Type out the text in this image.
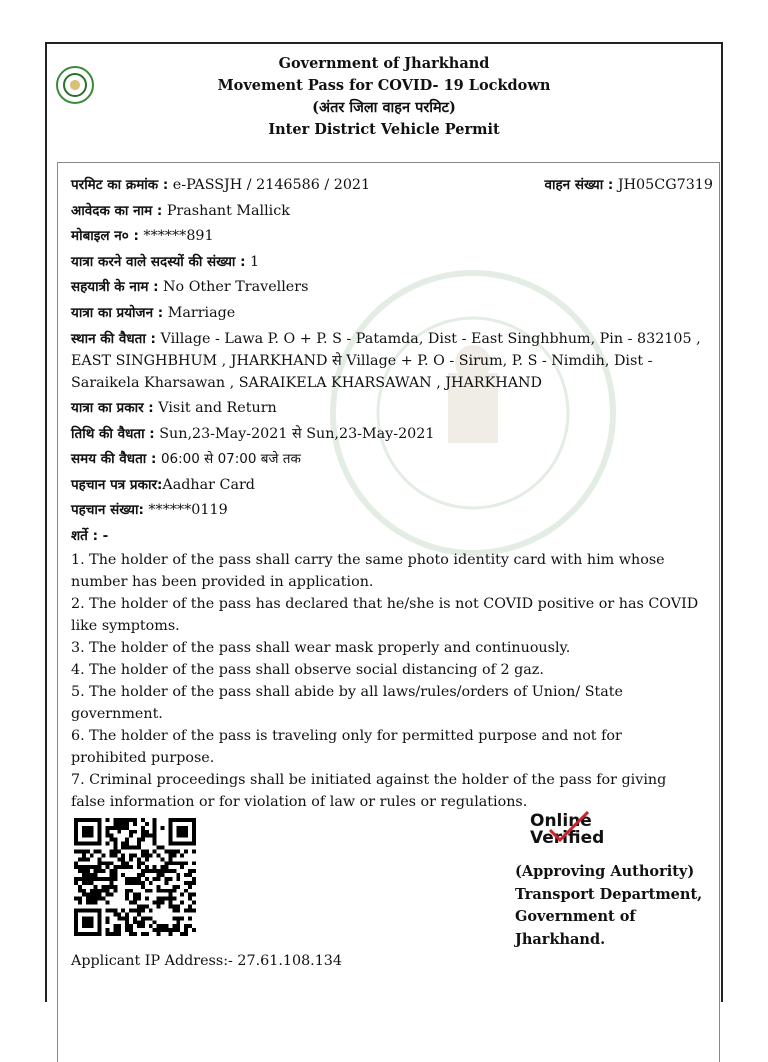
Government of Jharkhand
Movement Pass for COVID- 19 Lockdown
(अंतर जिला वाहन परमिट)
Inter District Vehicle Permit
वाहन संख्या : JH05CG7319
परमिट का क्रमांक : e-PASSJH / 2146586 / 2021
आवेदक का नाम : Prashant Mallick
मोबाइल न० : ******891
यात्रा करने वाले सदस्यों की संख्या : 1
सहयात्री के नाम : No Other Travellers
यात्रा का प्रयोजन : Marriage
स्थान की वैधता : Village - Lawa P. O + P. S - Patamda, Dist - East Singhbhum, Pin - 832105 , EAST SINGHBHUM , JHARKHAND से Village + P. O - Sirum, P. S - Nimdih, Dist - Saraikela Kharsawan , SARAIKELA KHARSAWAN , JHARKHAND
यात्रा का प्रकार : Visit and Return
तिथि की वैधता : Sun,23-May-2021 से Sun,23-May-2021
समय की वैधता : 06:00 से 07:00 बजे तक
पहचान पत्र प्रकार:Aadhar Card
पहचान संख्या: ******0119
शर्ते : -
1. The holder of the pass shall carry the same photo identity card with him whose number has been provided in application.
2. The holder of the pass has declared that he/she is not COVID positive or has COVID like symptoms.
3. The holder of the pass shall wear mask properly and continuously.
4. The holder of the pass shall observe social distancing of 2 gaz.
5. The holder of the pass shall abide by all laws/rules/orders of Union/ State government.
6. The holder of the pass is traveling only for permitted purpose and not for prohibited purpose.
7. Criminal proceedings shall be initiated against the holder of the pass for giving false information or for violation of law or rules or regulations.
Online
Verified
(Approving Authority)
Transport Department,
Government of
Jharkhand.
Applicant IP Address:- 27.61.108.134
